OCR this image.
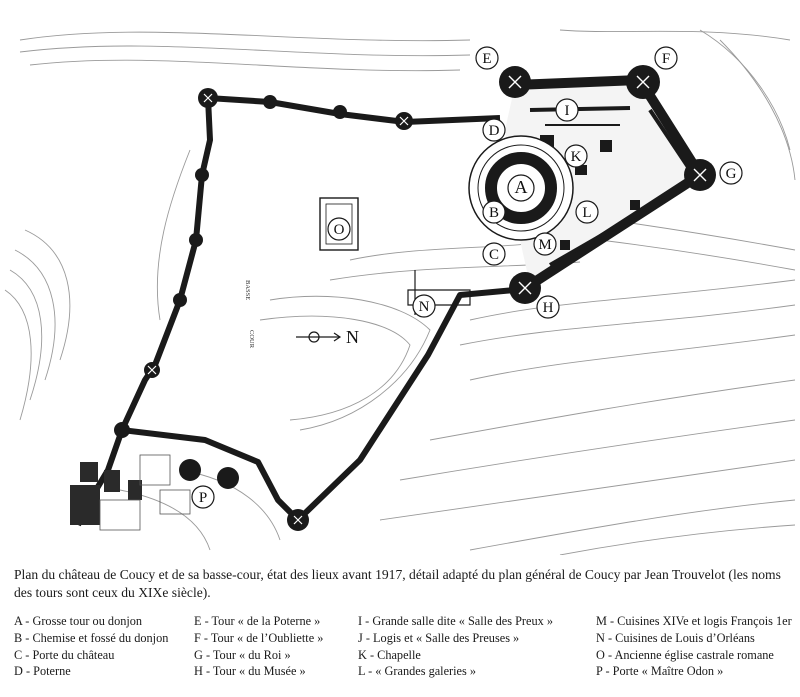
A
B
C
D
E	F
G
H
I
K
L
M
N
O
P
N
BASSE
COUR
Plan du château de Coucy et de sa basse-cour, état des lieux avant 1917, détail adapté du plan général de Coucy par Jean Trouvelot (les noms des tours sont ceux du XIXe siècle).
A - Grosse tour ou donjon
B - Chemise et fossé du donjon
C - Porte du château
D - Poterne
E - Tour « de la Poterne »
F - Tour « de l’Oubliette »
G - Tour « du Roi »
H - Tour « du Musée »
I - Grande salle dite « Salle des Preux »
J - Logis et « Salle des Preuses »
K - Chapelle
L - « Grandes galeries »
M - Cuisines XIVe et logis François 1er
N - Cuisines de Louis d’Orléans
O - Ancienne église castrale romane
P - Porte « Maître Odon »
